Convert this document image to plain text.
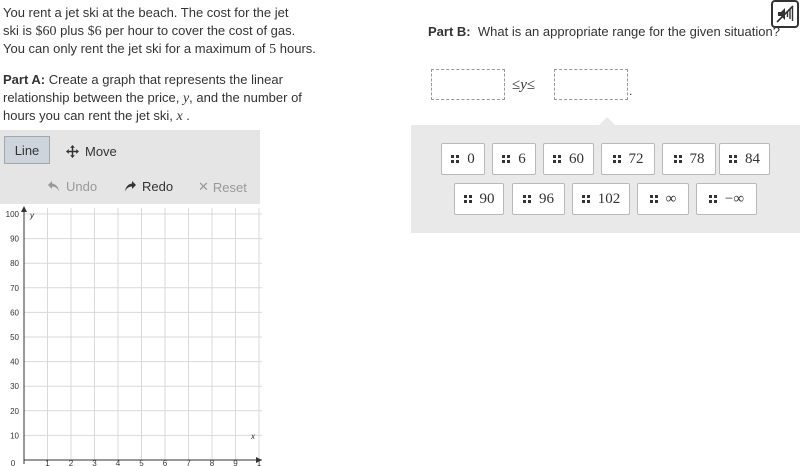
You rent a jet ski at the beach. The cost for the jet

ski is $60 plus $6 per hour to cover the cost of gas.

You can only rent the jet ski for a maximum of 5 hours.

Part A: Create a graph that represents the linear relationship between the price, y, and the number of hours you can rent the jet ski, x .
Line	Move
Undo	Redo ✕ Reset
y
x
0	1 2 3 4 5 6 7 8 9 1
10
20
30
40
50
60
70
80
90
100
Part B: What is an appropriate range for the given situation?
≤y≤	.
0	6	60	72	78	84
90	96	102	∞	−∞
